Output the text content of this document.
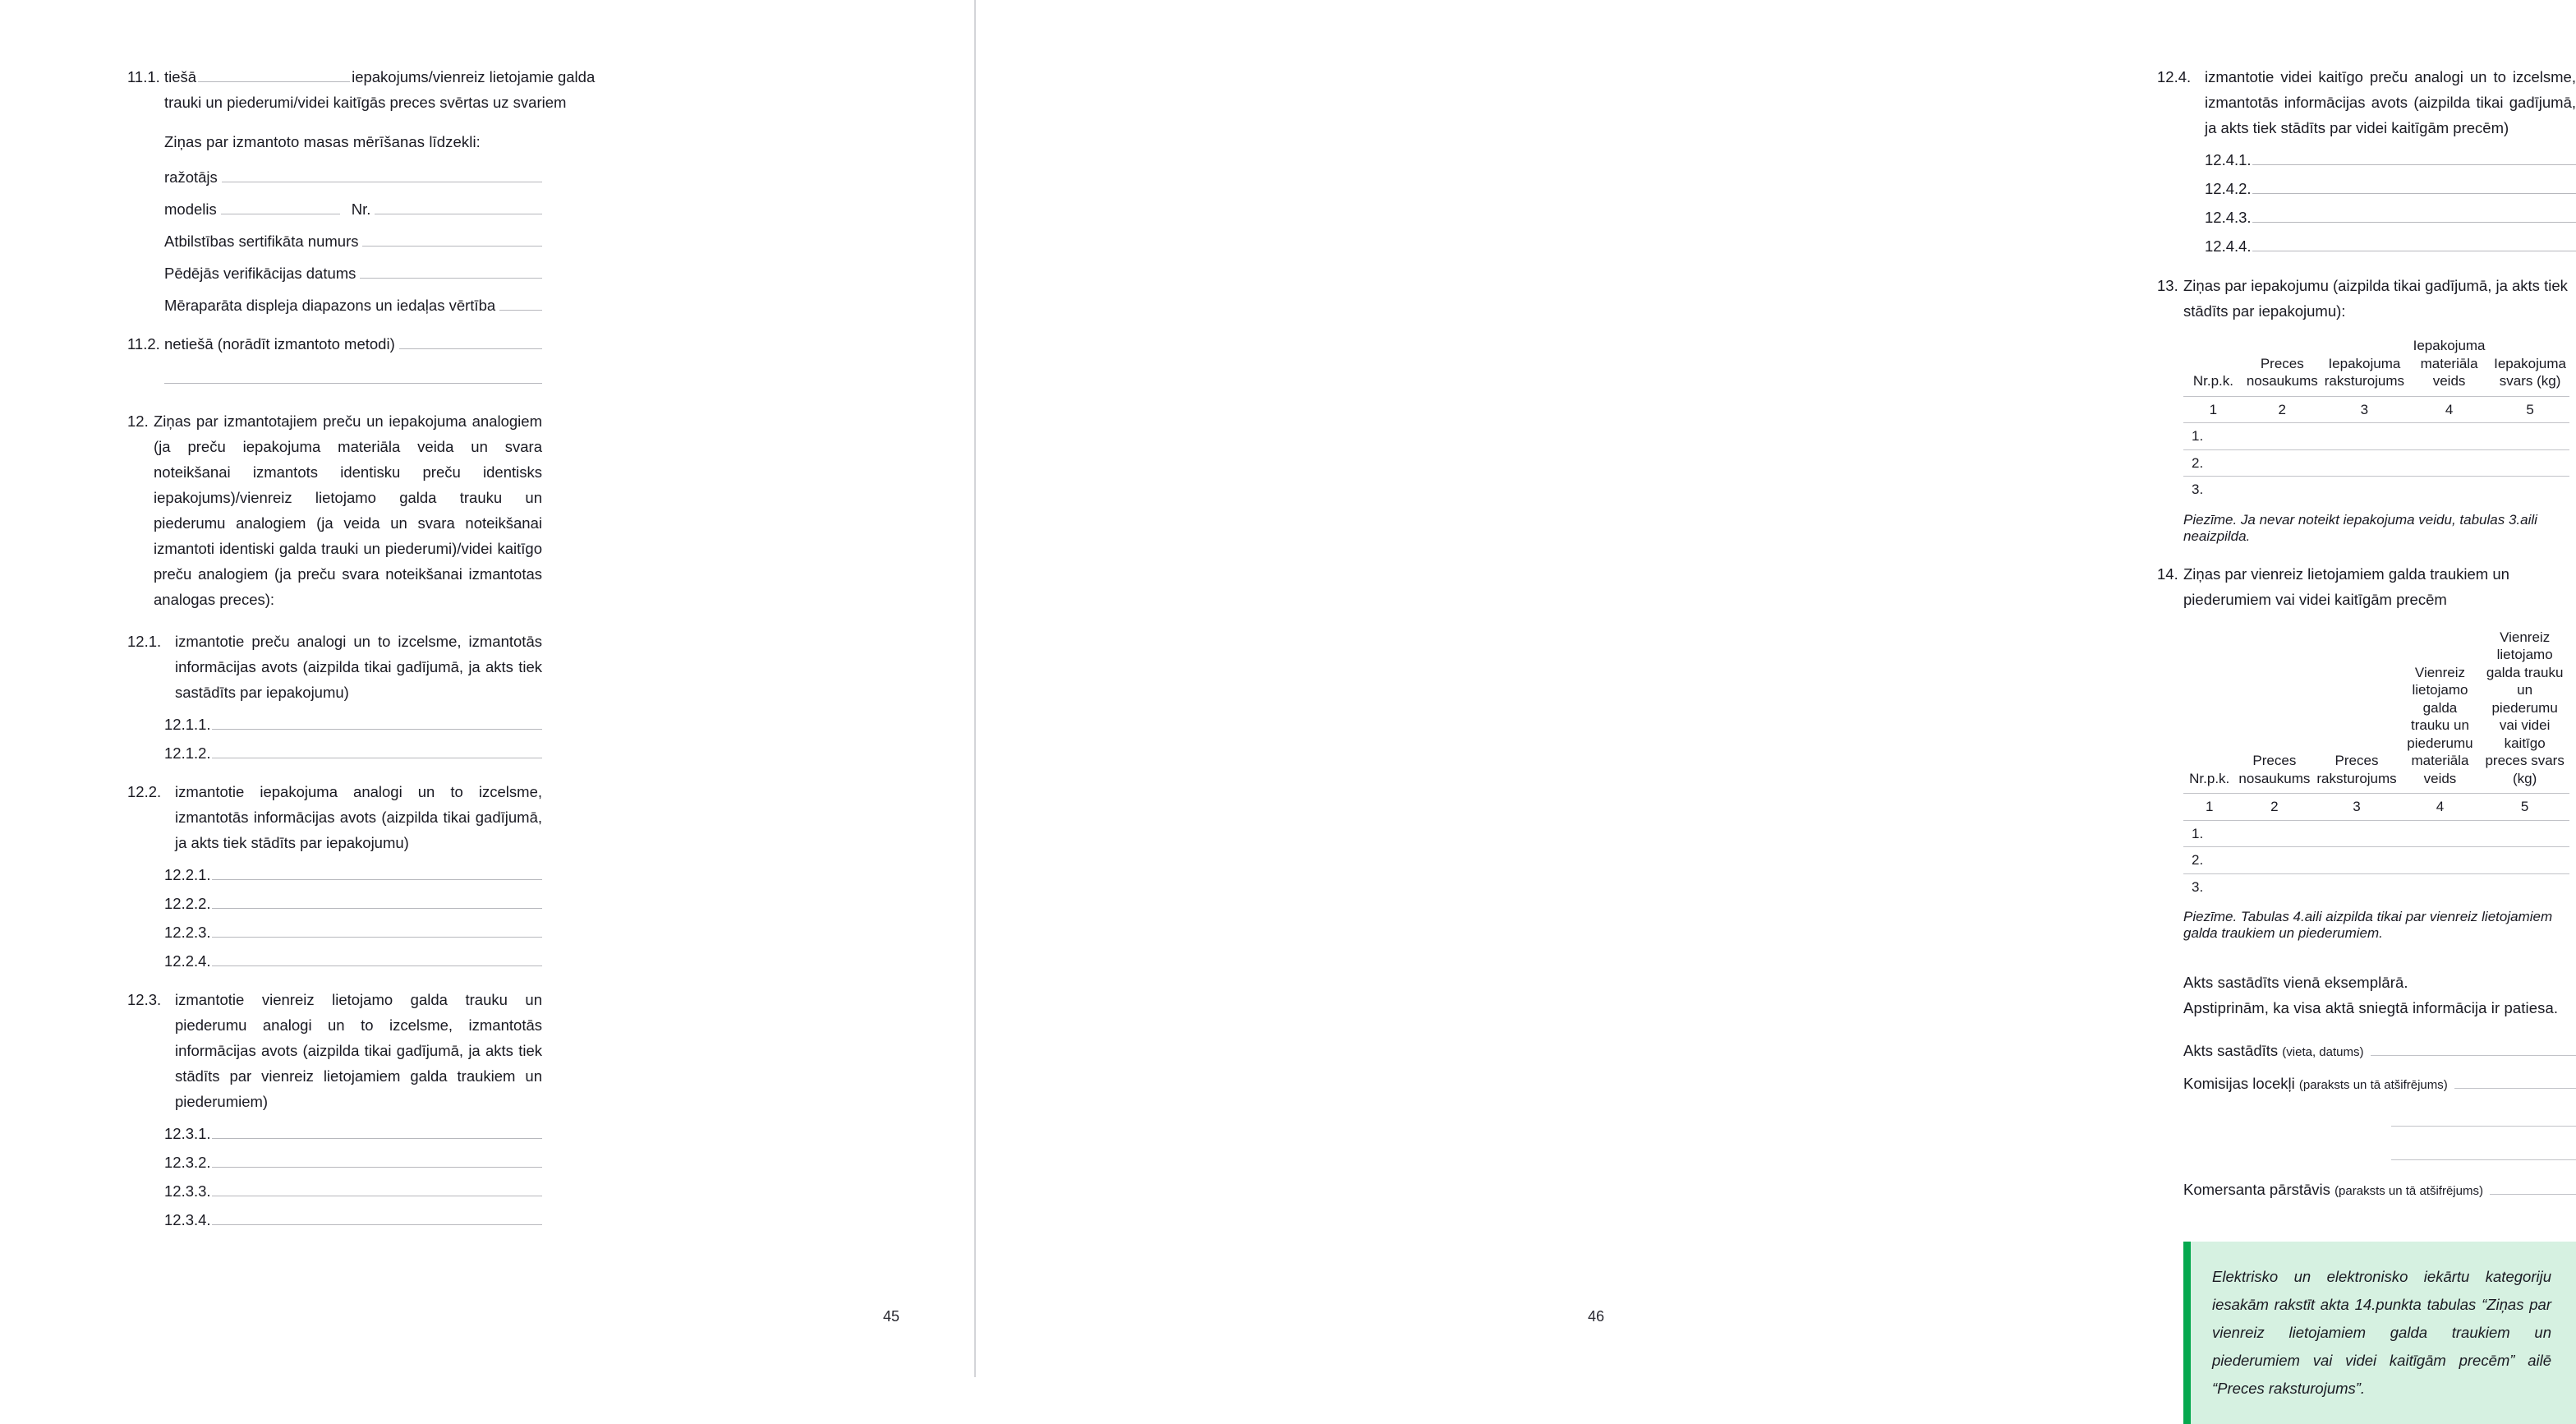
11.1. tiešā	iepakojums/vienreiz lietojamie galda
trauki un piederumi/videi kaitīgās preces svērtas uz svariem
Ziņas par izmantoto masas mērīšanas līdzekli:
ražotājs
modelis	Nr.
Atbilstības sertifikāta numurs
Pēdējās verifikācijas datums
Mēraparāta displeja diapazons un iedaļas vērtība
11.2. netiešā (norādīt izmantoto metodi)
12. Ziņas par izmantotajiem preču un iepakojuma analogiem (ja preču iepakojuma materiāla veida un svara noteikšanai izmantots identisku preču identisks iepakojums)/vienreiz lietojamo galda trauku un piederumu analogiem (ja veida un svara noteikšanai izmantoti identiski galda trauki un piederumi)/videi kaitīgo preču analogiem (ja preču svara noteikšanai izmantotas analogas preces):
12.1. izmantotie preču analogi un to izcelsme, izmantotās informācijas avots (aizpilda tikai gadījumā, ja akts tiek sastādīts par iepakojumu)
12.1.1.
12.1.2.
12.2. izmantotie iepakojuma analogi un to izcelsme, izmantotās informācijas avots (aizpilda tikai gadījumā, ja akts tiek stādīts par iepakojumu)
12.2.1.
12.2.2.
12.2.3.
12.2.4.
12.3. izmantotie vienreiz lietojamo galda trauku un piederumu analogi un to izcelsme, izmantotās informācijas avots (aizpilda tikai gadījumā, ja akts tiek stādīts par vienreiz lietojamiem galda traukiem un piederumiem)
12.3.1.
12.3.2.
12.3.3.
12.3.4.
45
12.4. izmantotie videi kaitīgo preču analogi un to izcelsme, izmantotās informācijas avots (aizpilda tikai gadījumā, ja akts tiek stādīts par videi kaitīgām precēm)
12.4.1.
12.4.2.
12.4.3.
12.4.4.
13. Ziņas par iepakojumu (aizpilda tikai gadījumā, ja akts tiek stādīts par iepakojumu):
Nr.p.k.	Preces nosaukums	Iepakojuma raksturojums	Iepakojuma materiāla veids	Iepakojuma svars (kg)
1	2	3	4	5
1.				
2.				
3.				
Piezīme. Ja nevar noteikt iepakojuma veidu, tabulas 3.aili neaizpilda.
14. Ziņas par vienreiz lietojamiem galda traukiem un piederumiem vai videi kaitīgām precēm
Nr.p.k.	Preces nosaukums	Preces raksturojums	Vienreiz lietojamo galda trauku un piederumu materiāla veids	Vienreiz lietojamo galda trauku un piederumu vai videi kaitīgo preces svars (kg)
1	2	3	4	5
1.				
2.				
3.				
Piezīme. Tabulas 4.aili aizpilda tikai par vienreiz lietojamiem galda traukiem un piederumiem.
Akts sastādīts vienā eksemplārā.
Apstiprinām, ka visa aktā sniegtā informācija ir patiesa.
Akts sastādīts (vieta, datums)
Komisijas locekļi (paraksts un tā atšifrējums)
Komersanta pārstāvis (paraksts un tā atšifrējums)
Elektrisko un elektronisko iekārtu kategoriju iesakām rakstīt akta 14.punkta tabulas “Ziņas par vienreiz lietojamiem galda traukiem un piederumiem vai videi kaitīgām precēm” ailē “Preces raksturojums”.
46
